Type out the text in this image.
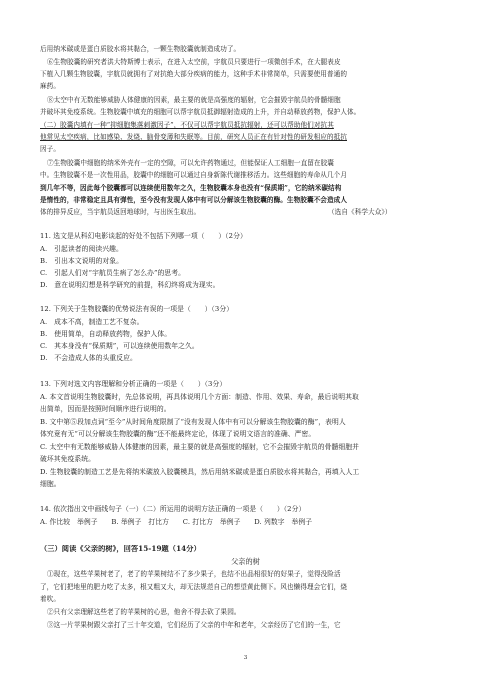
后用纳米碳或是蛋白质胶水将其黏合，一颗生物胶囊就制造成功了。
⑥生物胶囊的研究者洪大特斯博士表示，在进入太空前，宇航员只要进行一项微创手术，在大腿表皮
下植入几颗生物胶囊，宇航员就拥有了对抗绝大部分疾病的能力，这种手术非常简单，只需要使用普通的
麻药。
⑧太空中有无数能够威胁人体健康的因素，最主要的就是高强度的辐射，它会摧毁宇航员的骨髓细胞
并破坏其免疫系统。生物胶囊中填充的细胞可以帮宇航员抵御辐射造成的上升，并自动释放药物，保护人体。
（二）胶囊内填有一种“抑细胞集落刺激因子”，不仅可以帮宇航员抵抗辐射，还可以帮助他们对抗其
他常见太空疾病，比如感染、发烧、脑骨变薄和失眠等。目前，研究人员正在有针对性的研发相应的抵抗
因子。
⑦生物胶囊中细胞的纳米外壳有一定的空隙，可以允许药物通过，但能保证人工细胞一直留在胶囊
中。生物胶囊不是一次性用品，胶囊中的细胞可以通过自身新陈代谢推移活力。这些细胞的寿命从几个月
到几年不等，因此每个胶囊都可以连续使用数年之久，生物胶囊本身也没有“保质期”，它的纳米碳结构
是惰性的，非常稳定且具有弹性，至今没有发现人体中有可以分解该生物胶囊的酶。生物胶囊不会造成人
体的排异反应，当宇航员返回地球时，与出医生取出。	（选自《科学大众》）
11. 选文是从科幻电影谈起的好处不包括下列哪一项（　　）（2分）
A.　引起读者的阅读兴趣。
B.　引出本文说明的对象。
C.　引起人们对“宇航员生病了怎么办”的思考。
D.　意在说明幻想是科学研究的前提，科幻终将成为现实。
12. 下列关于生物胶囊的优势说法有误的一项是（　　）（3分）
A.　成本不高，制造工艺不复杂。
B.　使用简单，自动释放药物，保护人体。
C.　其本身没有“保质期”，可以连续使用数年之久。
D.　不会造成人体的头重反应。
13. 下列对选文内容理解和分析正确的一项是（　　）（3分）
A. 本文首说明生物胶囊时，先总体说明，再具体说明几个方面：制造、作用、效果、寿命，最后说明其取
出简单，因而是按照时间顺序进行说明的。
B. 文中第⑤段加点词“至今”从时间角度限制了“没有发现人体中有可以分解该生物胶囊的酶”，表明人
体究竟有无“可以分解该生物胶囊的酶”还不能最终定论，体现了说明文语言的准确、严密。
C. 太空中有无数能够威胁人体健康的因素，最主要的就是高强度的辐射，它不会摧毁宇航员的骨髓细胞并
破坏其免疫系统。
D. 生物胶囊的制造工艺是先将纳米碳放入胶囊模具，然后用纳米碳或是蛋白质胶水将其黏合，再填入人工
细胞。
14. 依次指出文中画线句子（一）（二）所运用的说明方法正确的一项是（　　）（2分）
A. 作比较　举例子　　B. 举例子　打比方　　C. 打比方　举例子　　D. 列数字　举例子
（三）阅读《父亲的树》，回答15-19题（14分）
父亲的树
①现在，这些苹果树老了，老了的苹果树结不了多少果子，也结不出品相很好的好果子，觉得没险活
了，它们把地里的肥力吃了太多，根又粗又大，却无法规范自己的想望黄此侧下。风也懒得理会它们，烧
着吹。
②只有父亲理解这些老了的苹果树的心思，他舍不得去砍了果园。
③这一片苹果树跟父亲打了三十年交道，它们经历了父亲的中年和老年，父亲经历了它们的一生，它
3
